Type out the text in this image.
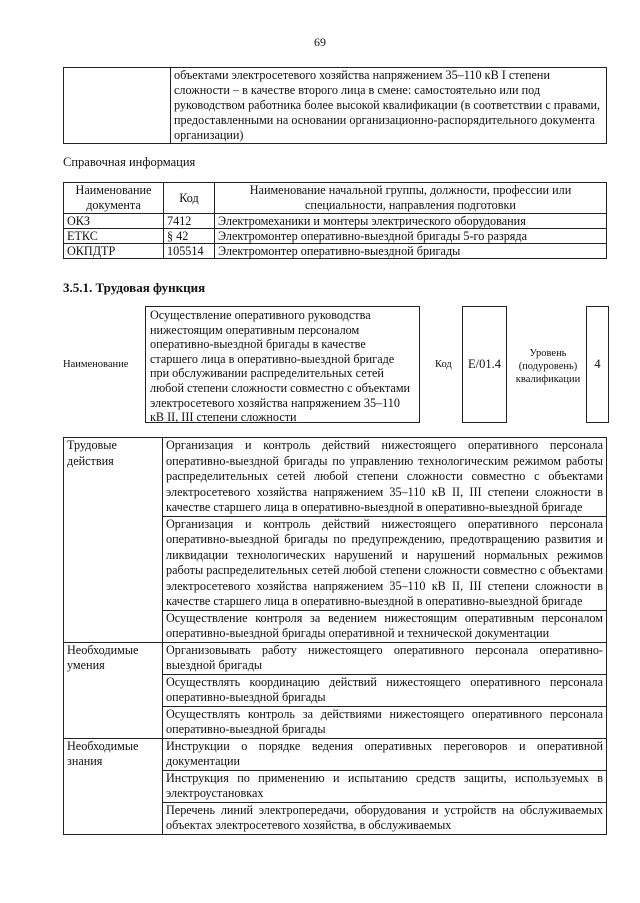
69
	объектами электросетевого хозяйства напряжением 35–110 кВ I степени сложности – в качестве второго лица в смене: самостоятельно или под руководством работника более высокой квалификации (в соответствии с правами, предоставленными на основании организационно-распорядительного документа организации)
Справочная информация
Наименование документа	Код	Наименование начальной группы, должности, профессии или специальности, направления подготовки
ОКЗ	7412	Электромеханики и монтеры электрического оборудования
ЕТКС	§ 42	Электромонтер оперативно-выездной бригады 5-го разряда
ОКПДТР	105514	Электромонтер оперативно-выездной бригады
3.5.1. Трудовая функция
Наименование
Осуществление оперативного руководства нижестоящим оперативным персоналом оперативно-выездной бригады в качестве старшего лица в оперативно-выездной бригаде при обслуживании распределительных сетей любой степени сложности совместно с объектами электросетевого хозяйства напряжением 35–110 кВ II, III степени сложности
Код	E/01.4
Уровень (подуровень) квалификации
4
Трудовые действия	Организация и контроль действий нижестоящего оперативного персонала оперативно-выездной бригады по управлению технологическим режимом работы распределительных сетей любой степени сложности совместно с объектами электросетевого хозяйства напряжением 35–110 кВ II, III степени сложности в качестве старшего лица в оперативно-выездной в оперативно-выездной бригаде
	Организация и контроль действий нижестоящего оперативного персонала оперативно-выездной бригады по предупреждению, предотвращению развития и ликвидации технологических нарушений и нарушений нормальных режимов работы распределительных сетей любой степени сложности совместно с объектами электросетевого хозяйства напряжением 35–110 кВ II, III степени сложности в качестве старшего лица в оперативно-выездной в оперативно-выездной бригаде
	Осуществление контроля за ведением нижестоящим оперативным персоналом оперативно-выездной бригады оперативной и технической документации
Необходимые умения	Организовывать работу нижестоящего оперативного персонала оперативно-выездной бригады
	Осуществлять координацию действий нижестоящего оперативного персонала оперативно-выездной бригады
	Осуществлять контроль за действиями нижестоящего оперативного персонала оперативно-выездной бригады
Необходимые знания	Инструкции о порядке ведения оперативных переговоров и оперативной документации
	Инструкция по применению и испытанию средств защиты, используемых в электроустановках
	Перечень линий электропередачи, оборудования и устройств на обслуживаемых объектах электросетевого хозяйства, в обслуживаемых
